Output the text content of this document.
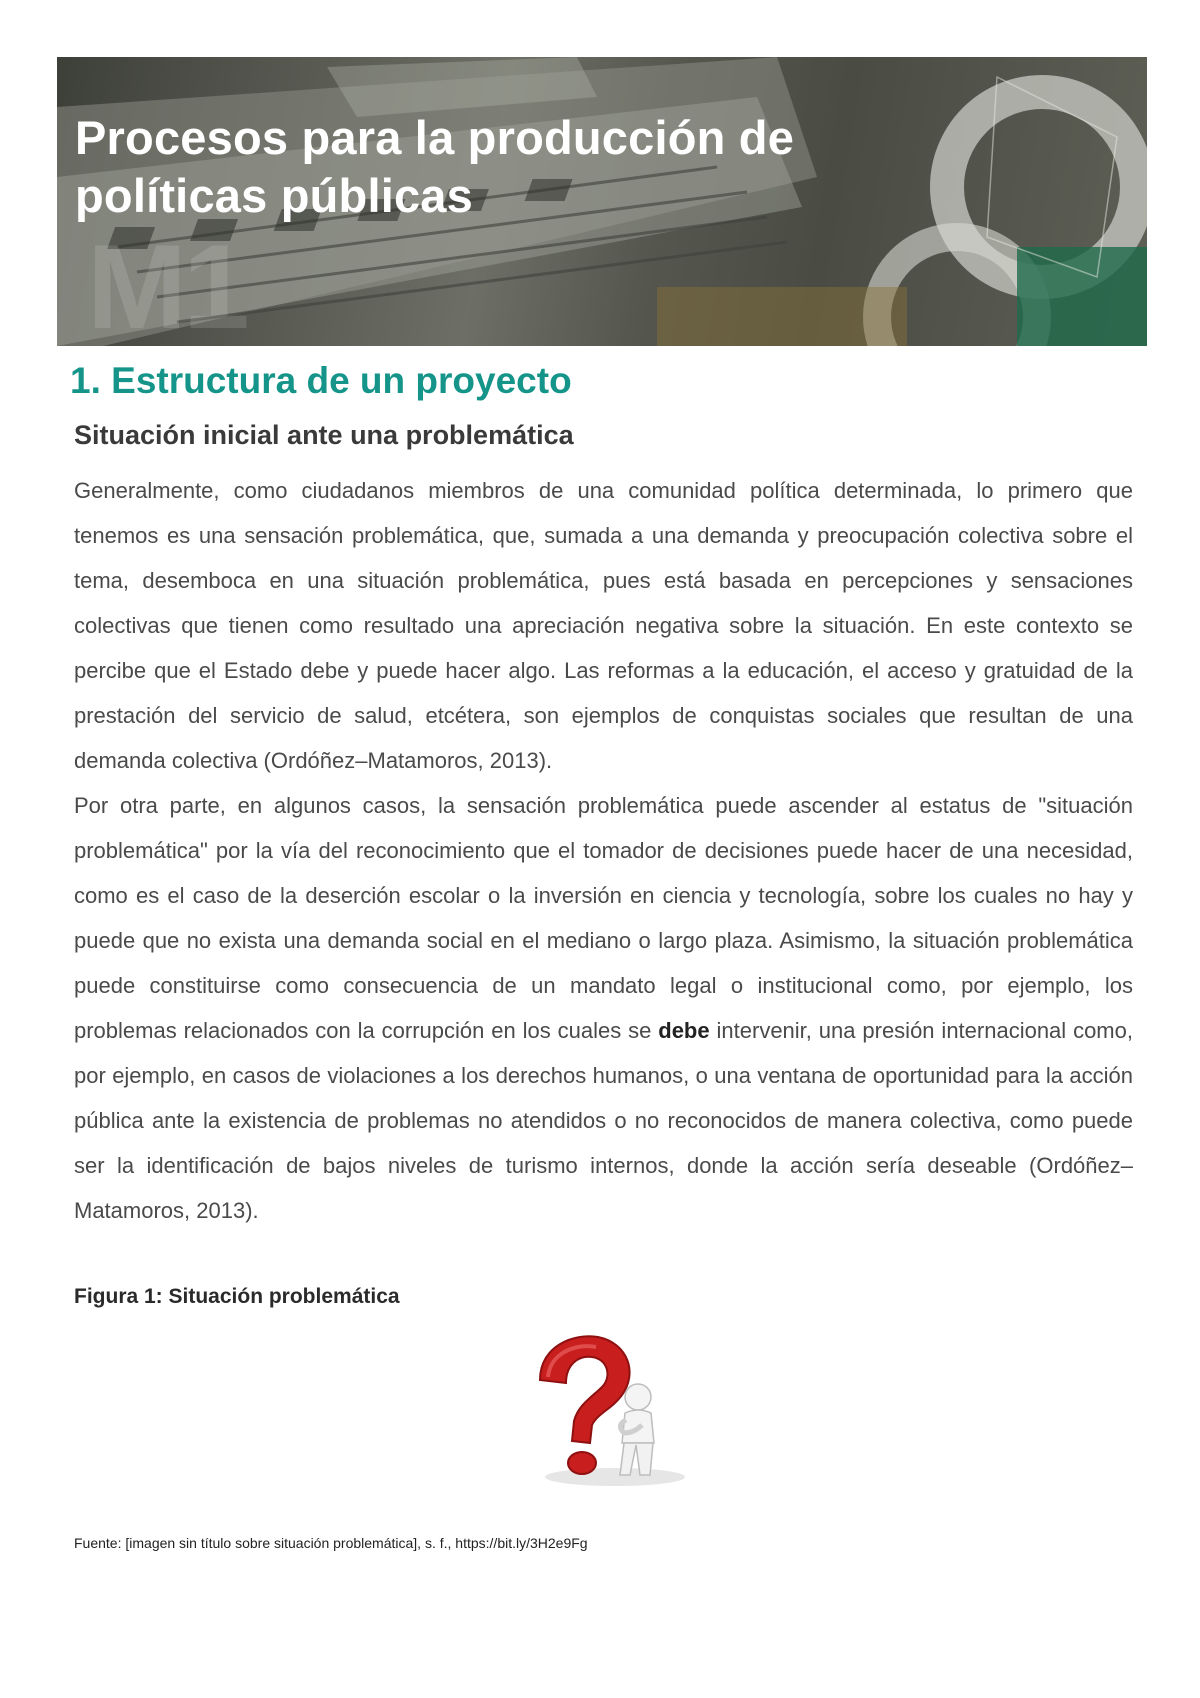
M1
Procesos para la producción de
políticas públicas
1. Estructura de un proyecto
Situación inicial ante una problemática

Generalmente, como ciudadanos miembros de una comunidad política determinada, lo primero que tenemos es una sensación problemática, que, sumada a una demanda y preocupación colectiva sobre el tema, desemboca en una situación problemática, pues está basada en percepciones y sensaciones colectivas que tienen como resultado una apreciación negativa sobre la situación. En este contexto se percibe que el Estado debe y puede hacer algo. Las reformas a la educación, el acceso y gratuidad de la prestación del servicio de salud, etcétera, son ejemplos de conquistas sociales que resultan de una demanda colectiva (Ordóñez–Matamoros, 2013).

Por otra parte, en algunos casos, la sensación problemática puede ascender al estatus de "situación problemática" por la vía del reconocimiento que el tomador de decisiones puede hacer de una necesidad, como es el caso de la deserción escolar o la inversión en ciencia y tecnología, sobre los cuales no hay y puede que no exista una demanda social en el mediano o largo plaza. Asimismo, la situación problemática puede constituirse como consecuencia de un mandato legal o institucional como, por ejemplo, los problemas relacionados con la corrupción en los cuales se debe intervenir, una presión internacional como, por ejemplo, en casos de violaciones a los derechos humanos, o una ventana de oportunidad para la acción pública ante la existencia de problemas no atendidos o no reconocidos de manera colectiva, como puede ser la identificación de bajos niveles de turismo internos, donde la acción sería deseable (Ordóñez–Matamoros, 2013).

Figura 1: Situación problemática

Fuente: [imagen sin título sobre situación problemática], s. f., https://bit.ly/3H2e9Fg
